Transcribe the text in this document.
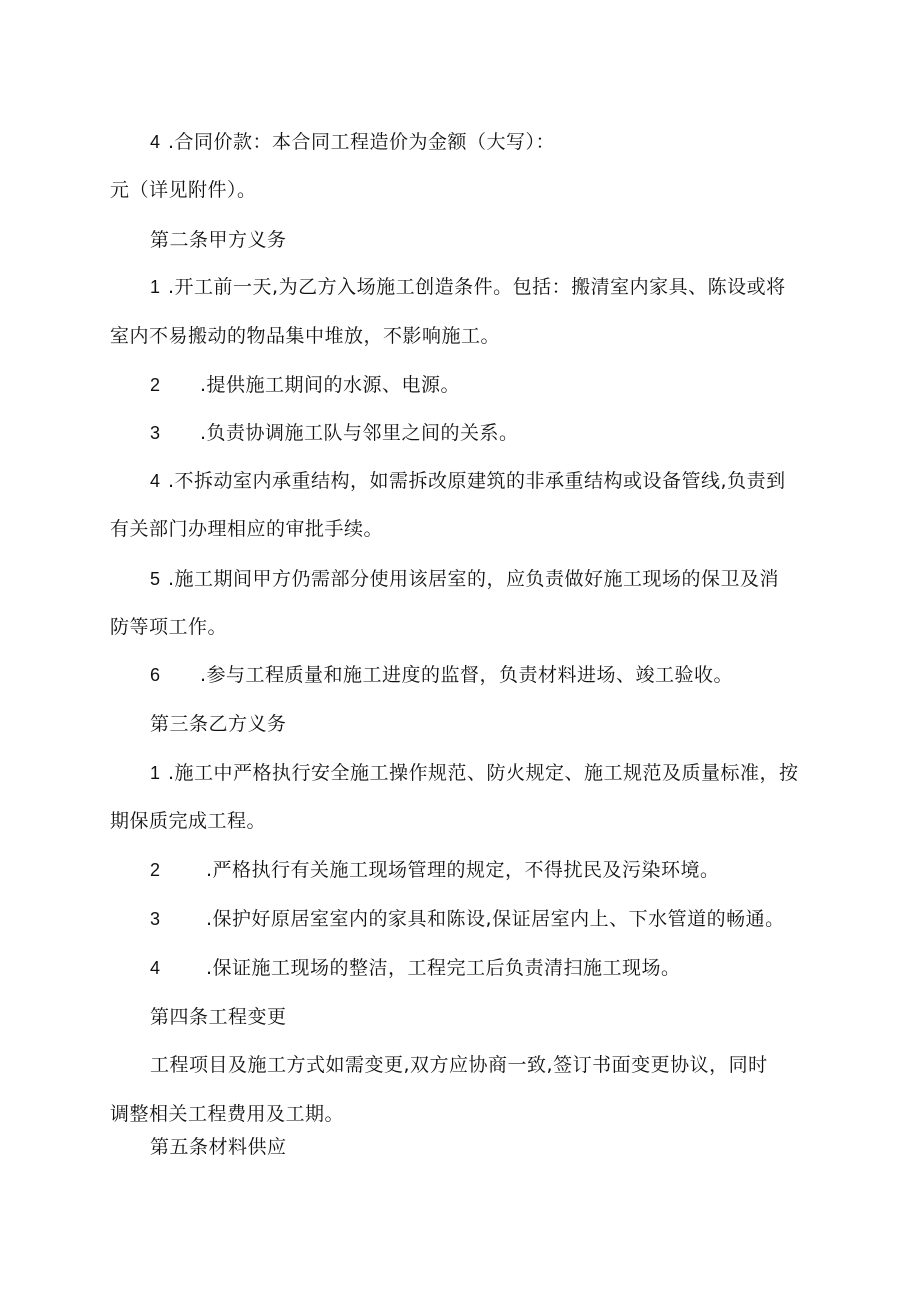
4 .合同价款：本合同工程造价为金额（大写）：
元（详见附件）。
第二条甲方义务
1 .开工前一天,为乙方入场施工创造条件。包括：搬清室内家具、陈设或将
室内不易搬动的物品集中堆放，不影响施工。
2 .提供施工期间的水源、电源。
3 .负责协调施工队与邻里之间的关系。
4 .不拆动室内承重结构，如需拆改原建筑的非承重结构或设备管线,负责到
有关部门办理相应的审批手续。
5 .施工期间甲方仍需部分使用该居室的，应负责做好施工现场的保卫及消
防等项工作。
6 .参与工程质量和施工进度的监督，负责材料进场、竣工验收。
第三条乙方义务
1 .施工中严格执行安全施工操作规范、防火规定、施工规范及质量标准，按
期保质完成工程。
2 .严格执行有关施工现场管理的规定，不得扰民及污染环境。
3 .保护好原居室室内的家具和陈设,保证居室内上、下水管道的畅通。
4 .保证施工现场的整洁，工程完工后负责清扫施工现场。
第四条工程变更
工程项目及施工方式如需变更,双方应协商一致,签订书面变更协议，同时
调整相关工程费用及工期。
第五条材料供应
